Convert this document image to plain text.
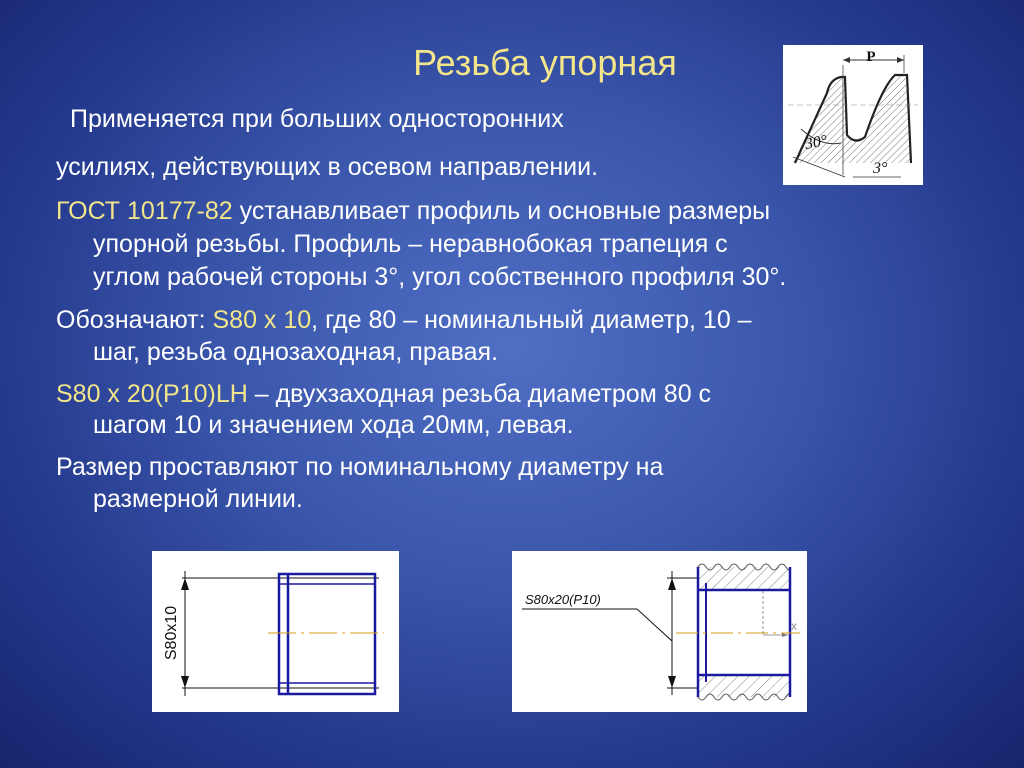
Резьба упорная
Применяется при больших односторонних
усилиях, действующих в осевом направлении.
ГОСТ 10177-82 устанавливает профиль и основные размеры
упорной резьбы. Профиль – неравнобокая трапеция с
углом рабочей стороны 3°, угол собственного профиля 30°.
Обозначают: S80 х 10, где 80 – номинальный диаметр, 10 –
шаг, резьба однозаходная, правая.
S80 х 20(Р10)LН – двухзаходная резьба диаметром 80 с
шагом 10 и значением хода 20мм, левая.
Размер проставляют по номинальному диаметру на
размерной линии.
P
30°
3°
S80x10	X
S80x20(P10)
